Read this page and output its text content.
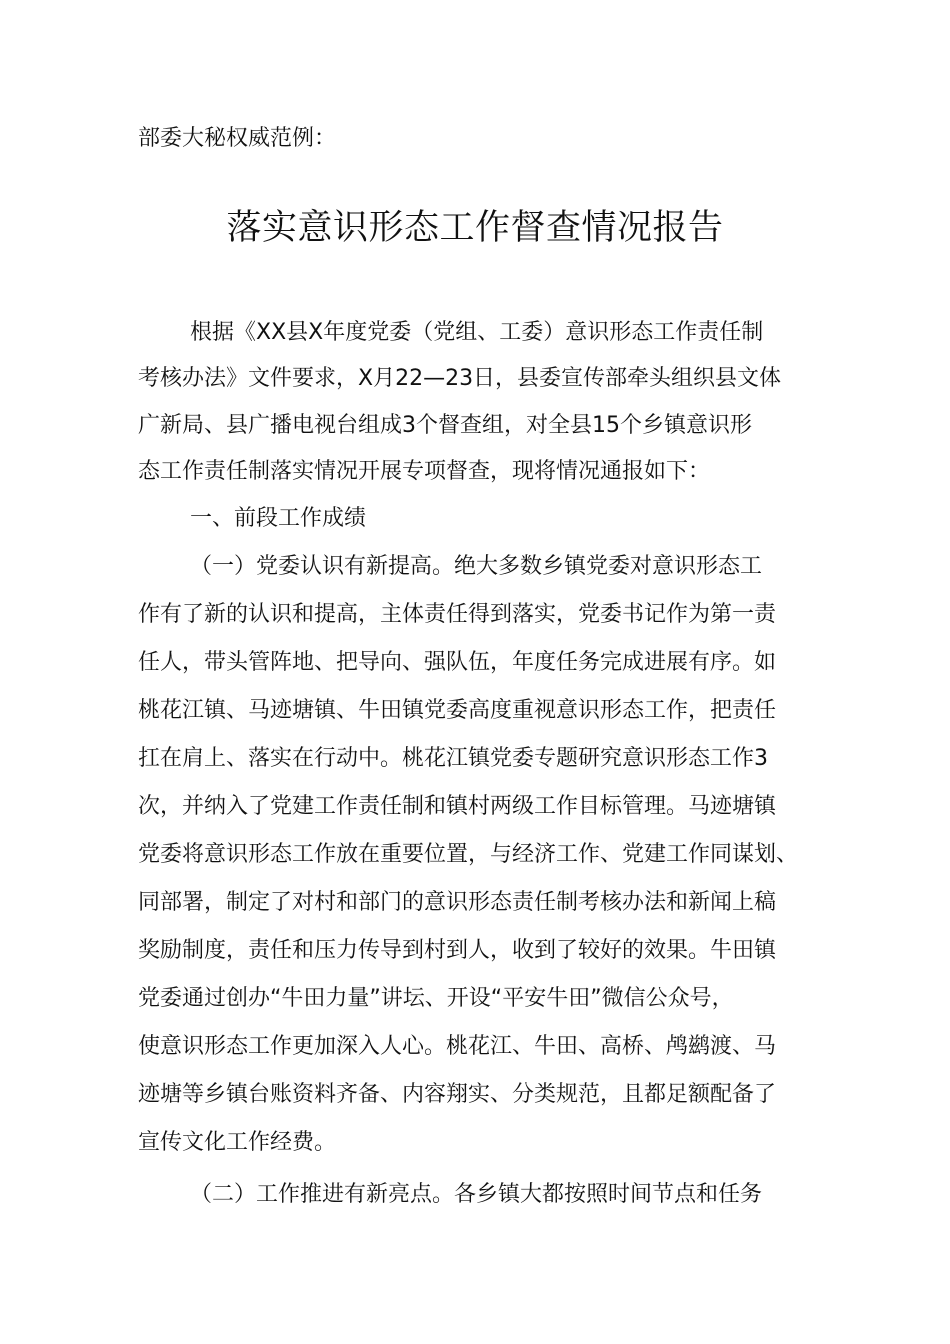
部委大秘权威范例：
落实意识形态工作督查情况报告
根据《XX县X年度党委（党组、工委）意识形态工作责任制
考核办法》文件要求，X月22—23日，县委宣传部牵头组织县文体
广新局、县广播电视台组成3个督查组，对全县15个乡镇意识形
态工作责任制落实情况开展专项督查，现将情况通报如下：
一、前段工作成绩
（一）党委认识有新提高。绝大多数乡镇党委对意识形态工
作有了新的认识和提高，主体责任得到落实，党委书记作为第一责
任人，带头管阵地、把导向、强队伍，年度任务完成进展有序。如
桃花江镇、马迹塘镇、牛田镇党委高度重视意识形态工作，把责任
扛在肩上、落实在行动中。桃花江镇党委专题研究意识形态工作3
次，并纳入了党建工作责任制和镇村两级工作目标管理。马迹塘镇
党委将意识形态工作放在重要位置，与经济工作、党建工作同谋划、
同部署，制定了对村和部门的意识形态责任制考核办法和新闻上稿
奖励制度，责任和压力传导到村到人，收到了较好的效果。牛田镇
党委通过创办“牛田力量”讲坛、开设“平安牛田”微信公众号，
使意识形态工作更加深入人心。桃花江、牛田、高桥、鸬鹚渡、马
迹塘等乡镇台账资料齐备、内容翔实、分类规范，且都足额配备了
宣传文化工作经费。
（二）工作推进有新亮点。各乡镇大都按照时间节点和任务
